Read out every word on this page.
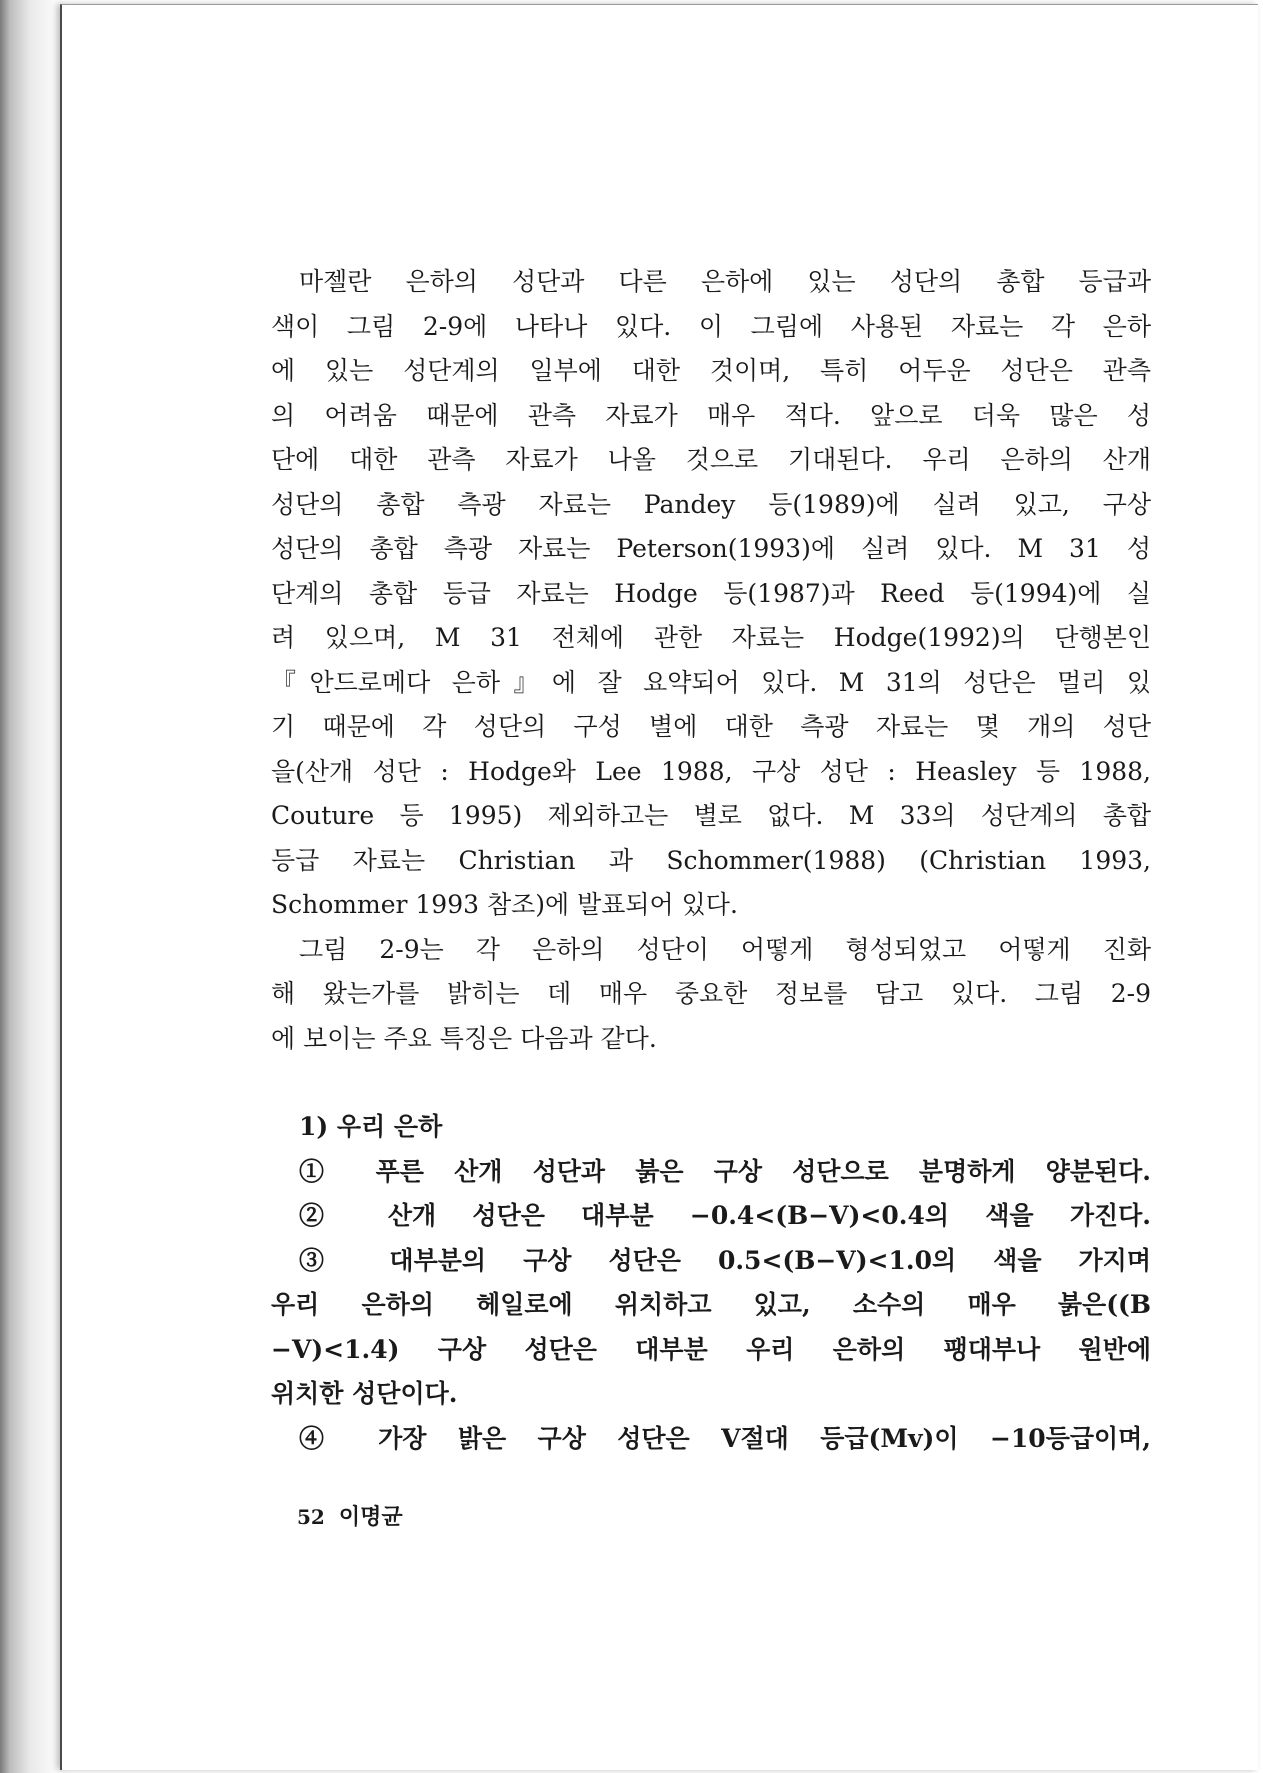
마젤란 은하의 성단과 다른 은하에 있는 성단의 총합 등급과
색이 그림 2-9에 나타나 있다. 이 그림에 사용된 자료는 각 은하
에 있는 성단계의 일부에 대한 것이며, 특히 어두운 성단은 관측
의 어려움 때문에 관측 자료가 매우 적다. 앞으로 더욱 많은 성
단에 대한 관측 자료가 나올 것으로 기대된다. 우리 은하의 산개
성단의 총합 측광 자료는 Pandey 등(1989)에 실려 있고, 구상
성단의 총합 측광 자료는 Peterson(1993)에 실려 있다. M 31 성
단계의 총합 등급 자료는 Hodge 등(1987)과 Reed 등(1994)에 실
려 있으며, M 31 전체에 관한 자료는 Hodge(1992)의 단행본인
『안드로메다 은하』에 잘 요약되어 있다. M 31의 성단은 멀리 있
기 때문에 각 성단의 구성 별에 대한 측광 자료는 몇 개의 성단
을(산개 성단 : Hodge와 Lee 1988, 구상 성단 : Heasley 등 1988,
Couture 등 1995) 제외하고는 별로 없다. M 33의 성단계의 총합
등급 자료는 Christian 과 Schommer(1988) (Christian 1993,
Schommer 1993 참조)에 발표되어 있다.
그림 2-9는 각 은하의 성단이 어떻게 형성되었고 어떻게 진화
해 왔는가를 밝히는 데 매우 중요한 정보를 담고 있다. 그림 2-9
에 보이는 주요 특징은 다음과 같다.
1) 우리 은하
① 푸른 산개 성단과 붉은 구상 성단으로 분명하게 양분된다.
② 산개 성단은 대부분 −0.4<(B−V)<0.4의 색을 가진다.
③ 대부분의 구상 성단은 0.5<(B−V)<1.0의 색을 가지며
우리 은하의 헤일로에 위치하고 있고, 소수의 매우 붉은((B
−V)<1.4) 구상 성단은 대부분 우리 은하의 팽대부나 원반에
위치한 성단이다.
④ 가장 밝은 구상 성단은 V절대 등급(Mv)이 −10등급이며,
52 이명균
